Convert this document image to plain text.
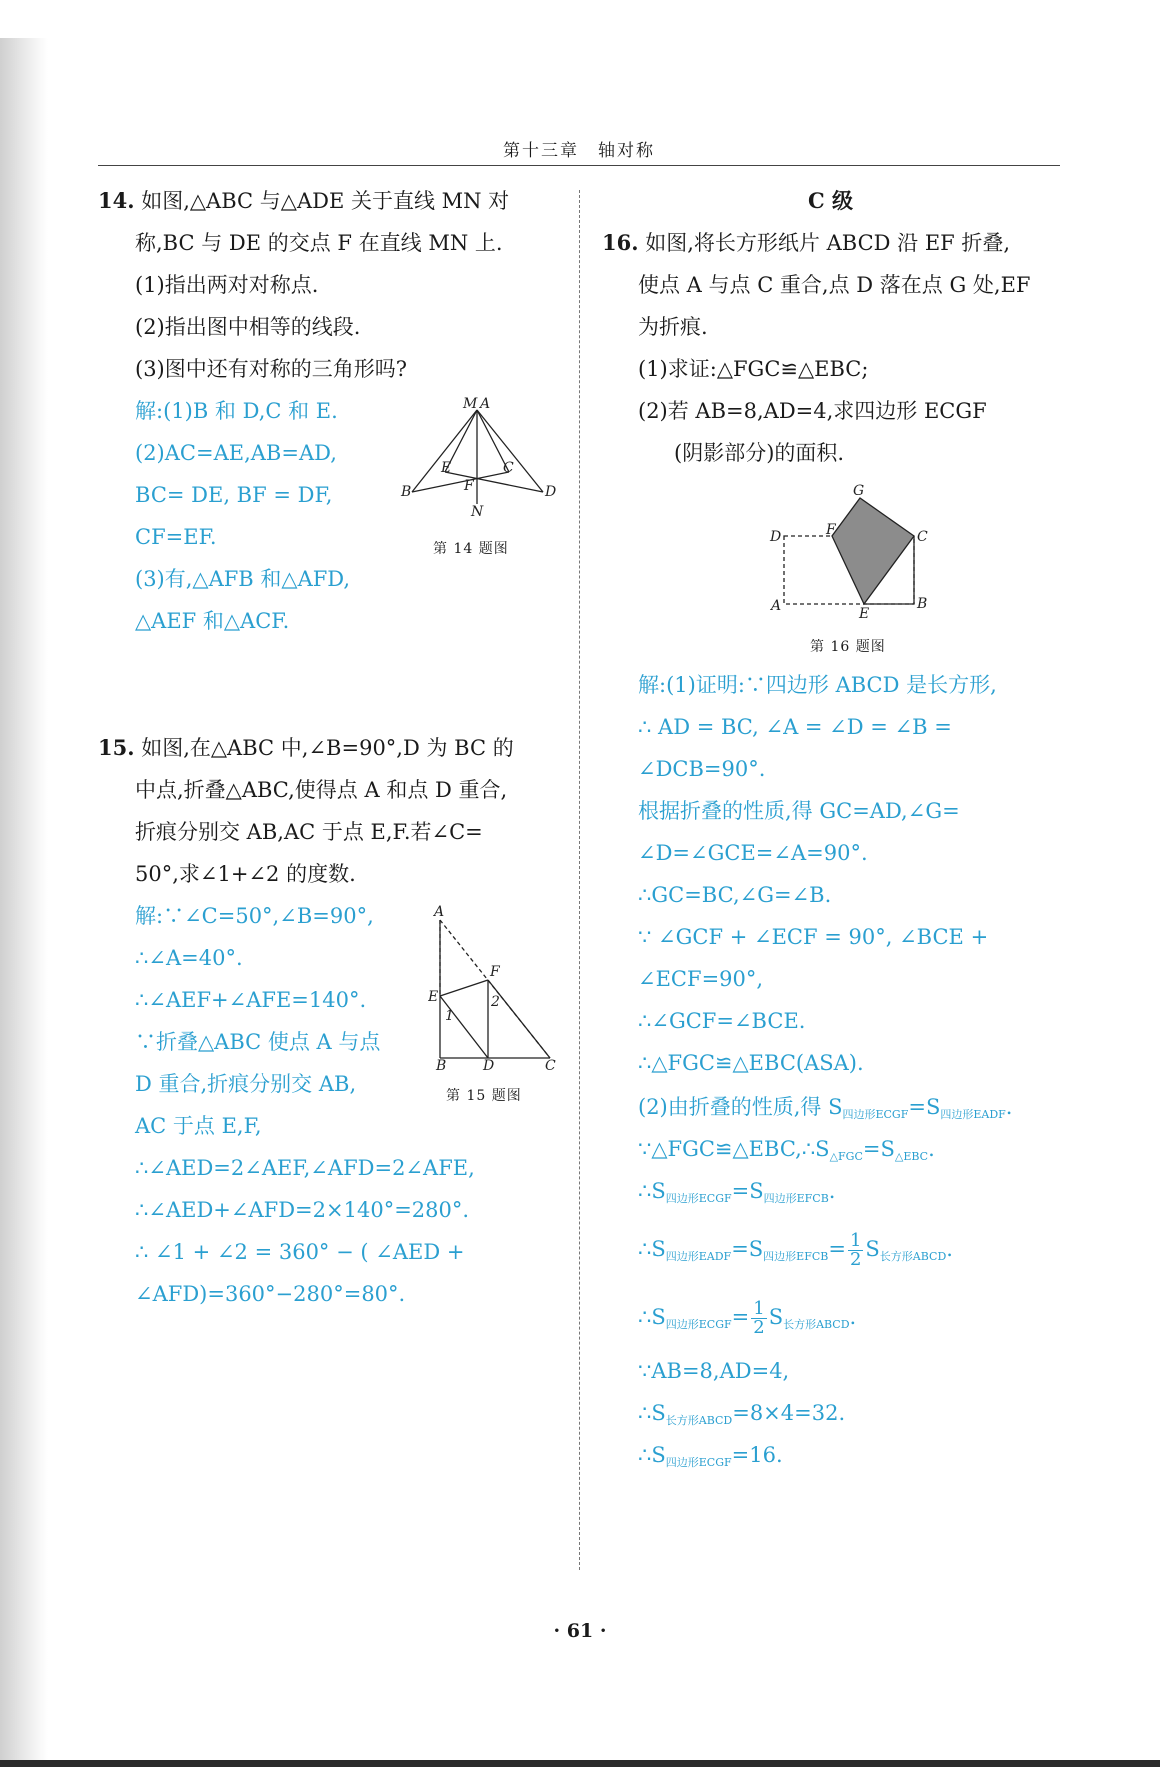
第十三章　轴对称
14. 如图,△ABC 与△ADE 关于直线 MN 对
称,BC 与 DE 的交点 F 在直线 MN 上.
(1)指出两对对称点.
(2)指出图中相等的线段.
(3)图中还有对称的三角形吗?
解:(1)B 和 D,C 和 E.
(2)AC=AE,AB=AD,
BC= DE, BF = DF,
CF=EF.
(3)有,△AFB 和△AFD,
△AEF 和△ACF.
M A
E	C
B	F	D
N
第 14 题图
15. 如图,在△ABC 中,∠B=90°,D 为 BC 的
中点,折叠△ABC,使得点 A 和点 D 重合,
折痕分别交 AB,AC 于点 E,F.若∠C=
50°,求∠1+∠2 的度数.
解:∵∠C=50°,∠B=90°,
∴∠A=40°.
∴∠AEF+∠AFE=140°.
∵折叠△ABC 使点 A 与点
D 重合,折痕分别交 AB,
AC 于点 E,F,
∴∠AED=2∠AEF,∠AFD=2∠AFE,
∴∠AED+∠AFD=2×140°=280°.
∴ ∠1 + ∠2 = 360° − ( ∠AED +
∠AFD)=360°−280°=80°.
A
F
E
1
2
B	D	C
第 15 题图
C 级
16. 如图,将长方形纸片 ABCD 沿 EF 折叠,
使点 A 与点 C 重合,点 D 落在点 G 处,EF
为折痕.
(1)求证:△FGC≌△EBC;
(2)若 AB=8,AD=4,求四边形 ECGF
(阴影部分)的面积.
G
D	F	C
A	E
B
第 16 题图
解:(1)证明:∵四边形 ABCD 是长方形,
∴ AD = BC, ∠A = ∠D = ∠B =
∠DCB=90°.
根据折叠的性质,得 GC=AD,∠G=
∠D=∠GCE=∠A=90°.
∴GC=BC,∠G=∠B.
∵ ∠GCF + ∠ECF = 90°, ∠BCE +
∠ECF=90°,
∴∠GCF=∠BCE.
∴△FGC≌△EBC(ASA).
(2)由折叠的性质,得 $S_{四边形ECGF}=S_{四边形EADF}$.
$\because\triangle FGC≌\triangle EBC,\therefore S_{\triangle FGC}=S_{\triangle EBC}$.
$\therefore S_{四边形ECGF}=S_{四边形EFCB}$.
$\therefore S_{四边形EADF}=S_{四边形EFCB}= \frac{1}{2} S_{长方形ABCD}$.
$\therefore S_{四边形ECGF}= \frac{1}{2} S_{长方形ABCD}$.
∵AB=8,AD=4,
$\therefore S_{长方形ABCD}=8\times 4=32$.
$\therefore S_{四边形ECGF}=16$.
· 61 ·
